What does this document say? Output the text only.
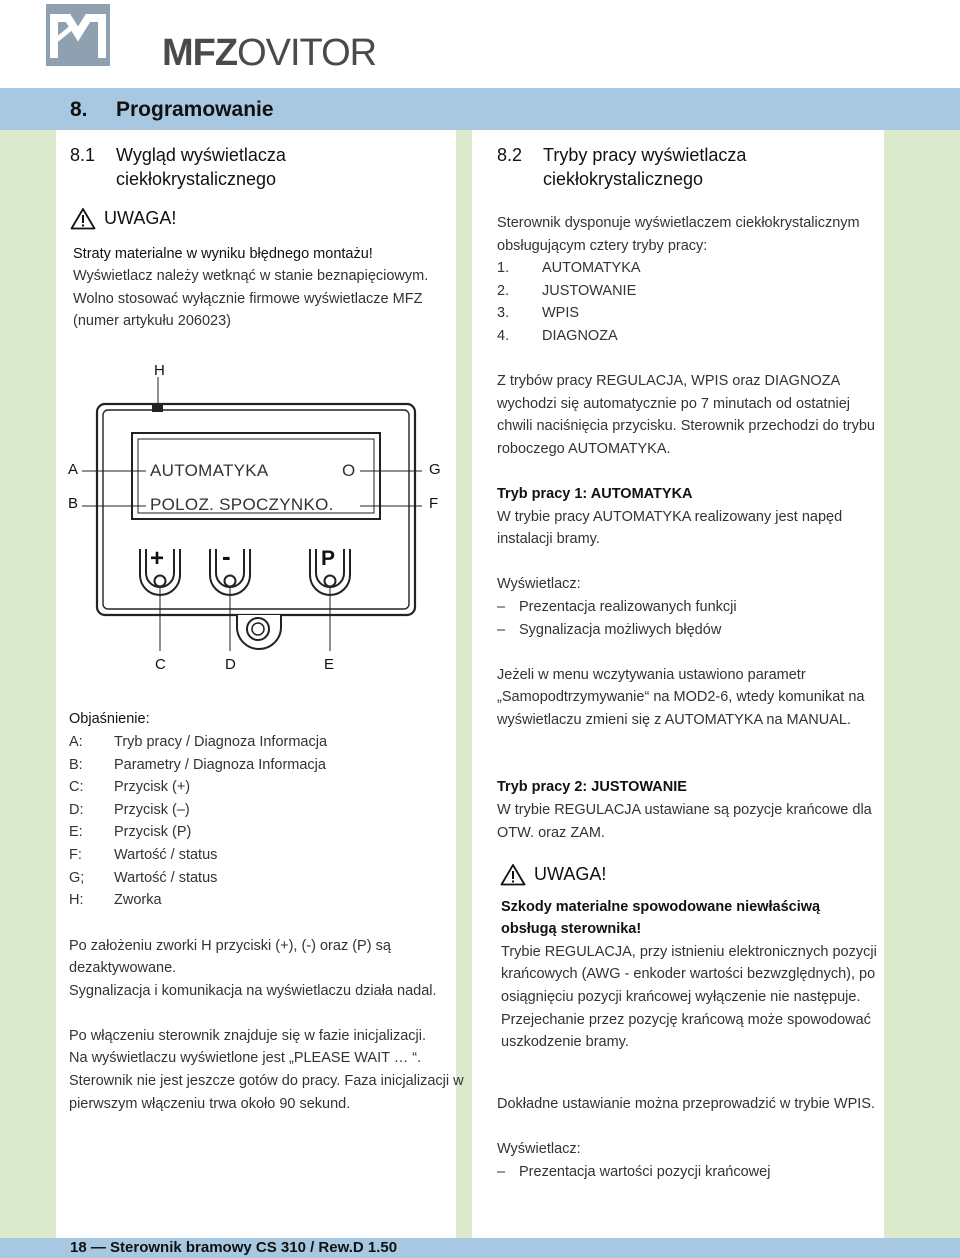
MFZOVITOR
8. Programowanie
8.1 Wygląd wyświetlacza ciekłokrystalicznego
UWAGA!
Straty materialne w wyniku błędnego montażu!
Wyświetlacz należy wetknąć w stanie beznapięciowym.
Wolno stosować wyłącznie firmowe wyświetlacze MFZ
(numer artykułu 206023)
H
A
B
G
F
C	D	E
AUTOMATYKA	O
POLOZ. SPOCZYNKO.
+ -	P
Objaśnienie:
A: Tryb pracy / Diagnoza Informacja
B: Parametry / Diagnoza Informacja
C: Przycisk (+)
D: Przycisk (–)
E: Przycisk (P)
F: Wartość / status
G; Wartość / status
H: Zworka
Po założeniu zworki H przyciski (+), (-) oraz (P) są
dezaktywowane.
Sygnalizacja i komunikacja na wyświetlaczu działa nadal.
Po włączeniu sterownik znajduje się w fazie inicjalizacji.
Na wyświetlaczu wyświetlone jest „PLEASE WAIT … “.
Sterownik nie jest jeszcze gotów do pracy. Faza inicjalizacji w
pierwszym włączeniu trwa około 90 sekund.
8.2 Tryby pracy wyświetlacza ciekłokrystalicznego
Sterownik dysponuje wyświetlaczem ciekłokrystalicznym
obsługującym cztery tryby pracy:
1. AUTOMATYKA
2. JUSTOWANIE
3. WPIS
4. DIAGNOZA
Z trybów pracy REGULACJA, WPIS oraz DIAGNOZA
wychodzi się automatycznie po 7 minutach od ostatniej
chwili naciśnięcia przycisku. Sterownik przechodzi do trybu
roboczego AUTOMATYKA.
Tryb pracy 1: AUTOMATYKA
W trybie pracy AUTOMATYKA realizowany jest napęd
instalacji bramy.
Wyświetlacz:
– Prezentacja realizowanych funkcji
– Sygnalizacja możliwych błędów
Jeżeli w menu wczytywania ustawiono parametr
„Samopodtrzymywanie“ na MOD2-6, wtedy komunikat na
wyświetlaczu zmieni się z AUTOMATYKA na MANUAL.
Tryb pracy 2: JUSTOWANIE
W trybie REGULACJA ustawiane są pozycje krańcowe dla
OTW. oraz ZAM.
UWAGA!
Szkody materialne spowodowane niewłaściwą
obsługą sterownika!
Trybie REGULACJA, przy istnieniu elektronicznych pozycji
krańcowych (AWG - enkoder wartości bezwzględnych), po
osiągnięciu pozycji krańcowej wyłączenie nie następuje.
Przejechanie przez pozycję krańcową może spowodować
uszkodzenie bramy.
Dokładne ustawianie można przeprowadzić w trybie WPIS.
Wyświetlacz:
– Prezentacja wartości pozycji krańcowej
18 — Sterownik bramowy CS 310 / Rew.D 1.50
